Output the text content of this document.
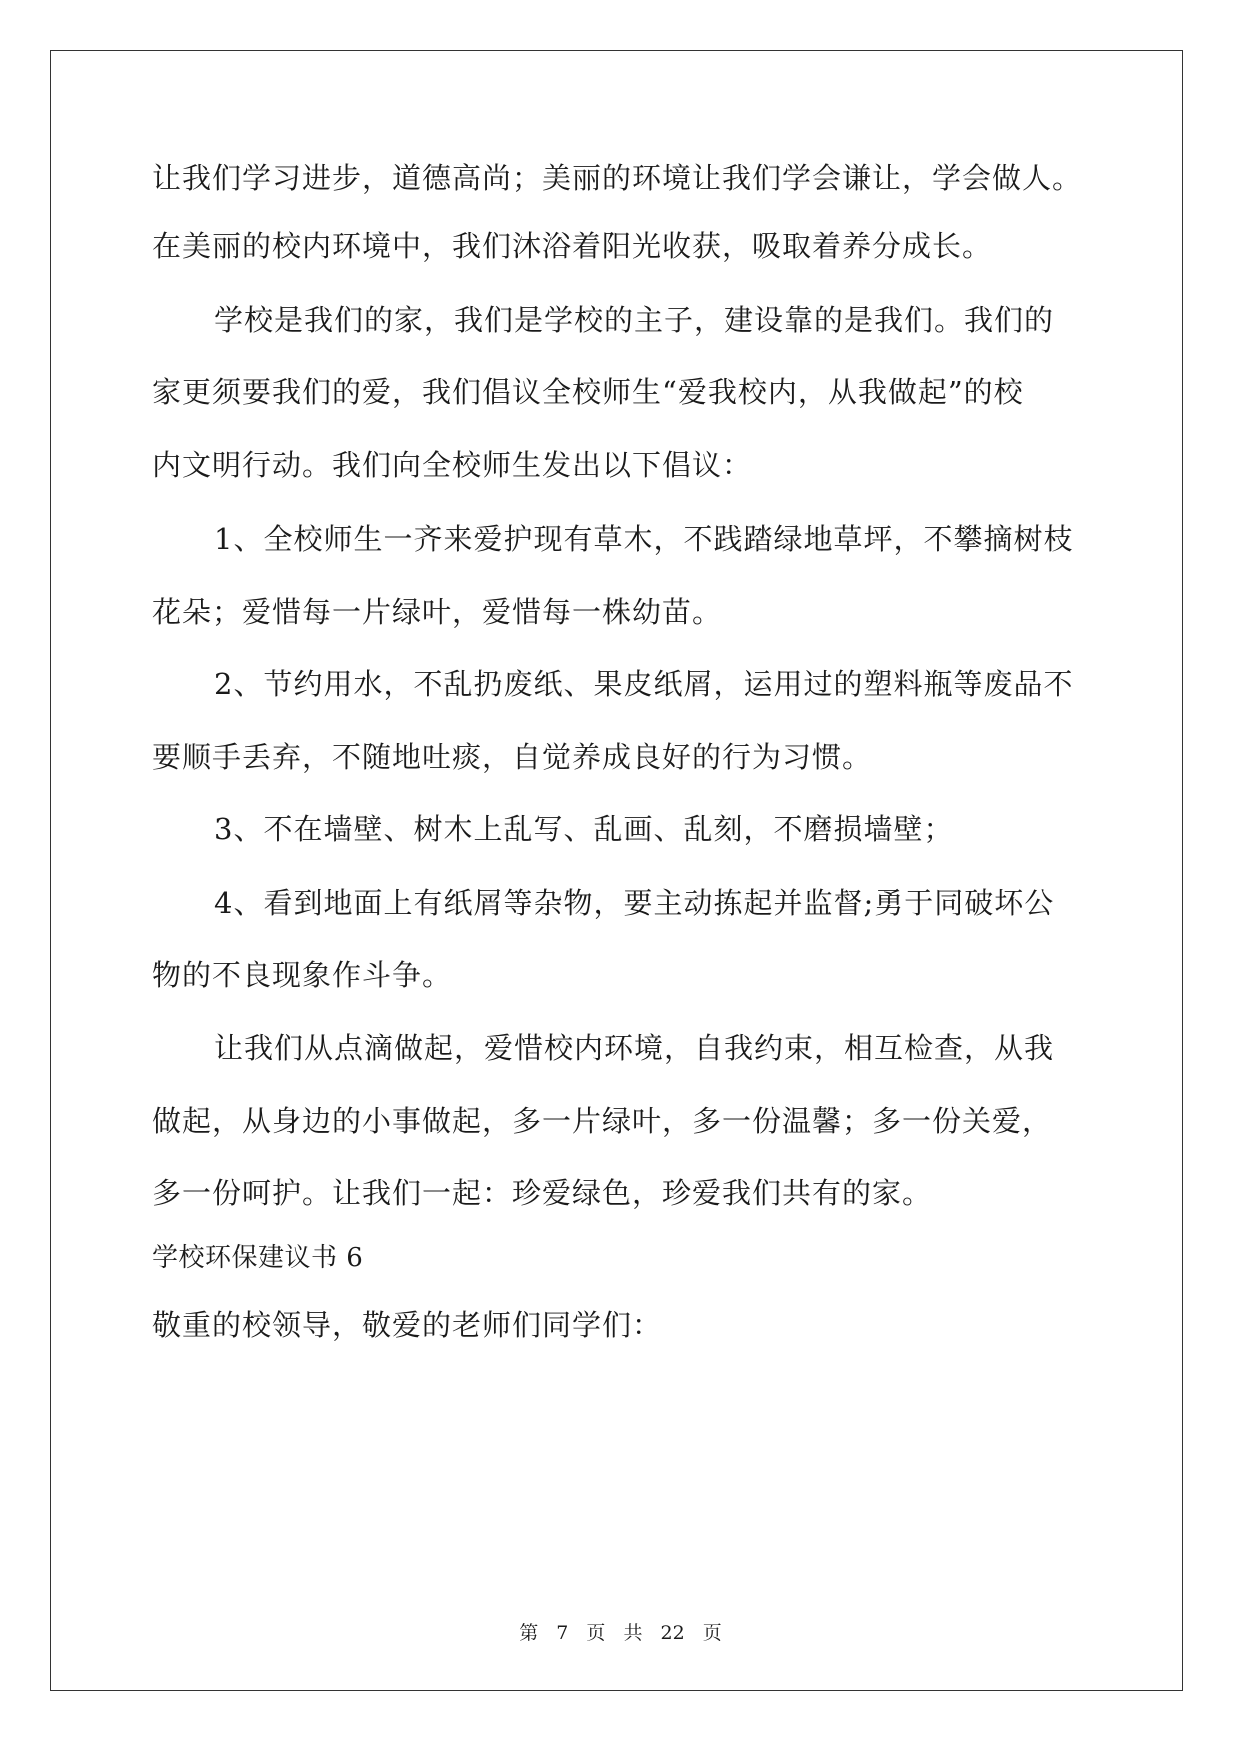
让我们学习进步，道德高尚；美丽的环境让我们学会谦让，学会做人。
在美丽的校内环境中，我们沐浴着阳光收获，吸取着养分成长。
学校是我们的家，我们是学校的主子，建设靠的是我们。我们的
家更须要我们的爱，我们倡议全校师生“爱我校内，从我做起”的校
内文明行动。我们向全校师生发出以下倡议：
1、全校师生一齐来爱护现有草木，不践踏绿地草坪，不攀摘树枝
花朵；爱惜每一片绿叶，爱惜每一株幼苗。
2、节约用水，不乱扔废纸、果皮纸屑，运用过的塑料瓶等废品不
要顺手丢弃，不随地吐痰，自觉养成良好的行为习惯。
3、不在墙壁、树木上乱写、乱画、乱刻，不磨损墙壁；
4、看到地面上有纸屑等杂物，要主动拣起并监督;勇于同破坏公
物的不良现象作斗争。
让我们从点滴做起，爱惜校内环境，自我约束，相互检查，从我
做起，从身边的小事做起，多一片绿叶，多一份温馨；多一份关爱，
多一份呵护。让我们一起：珍爱绿色，珍爱我们共有的家。
学校环保建议书 6
敬重的校领导，敬爱的老师们同学们：
第 7 页 共 22 页
